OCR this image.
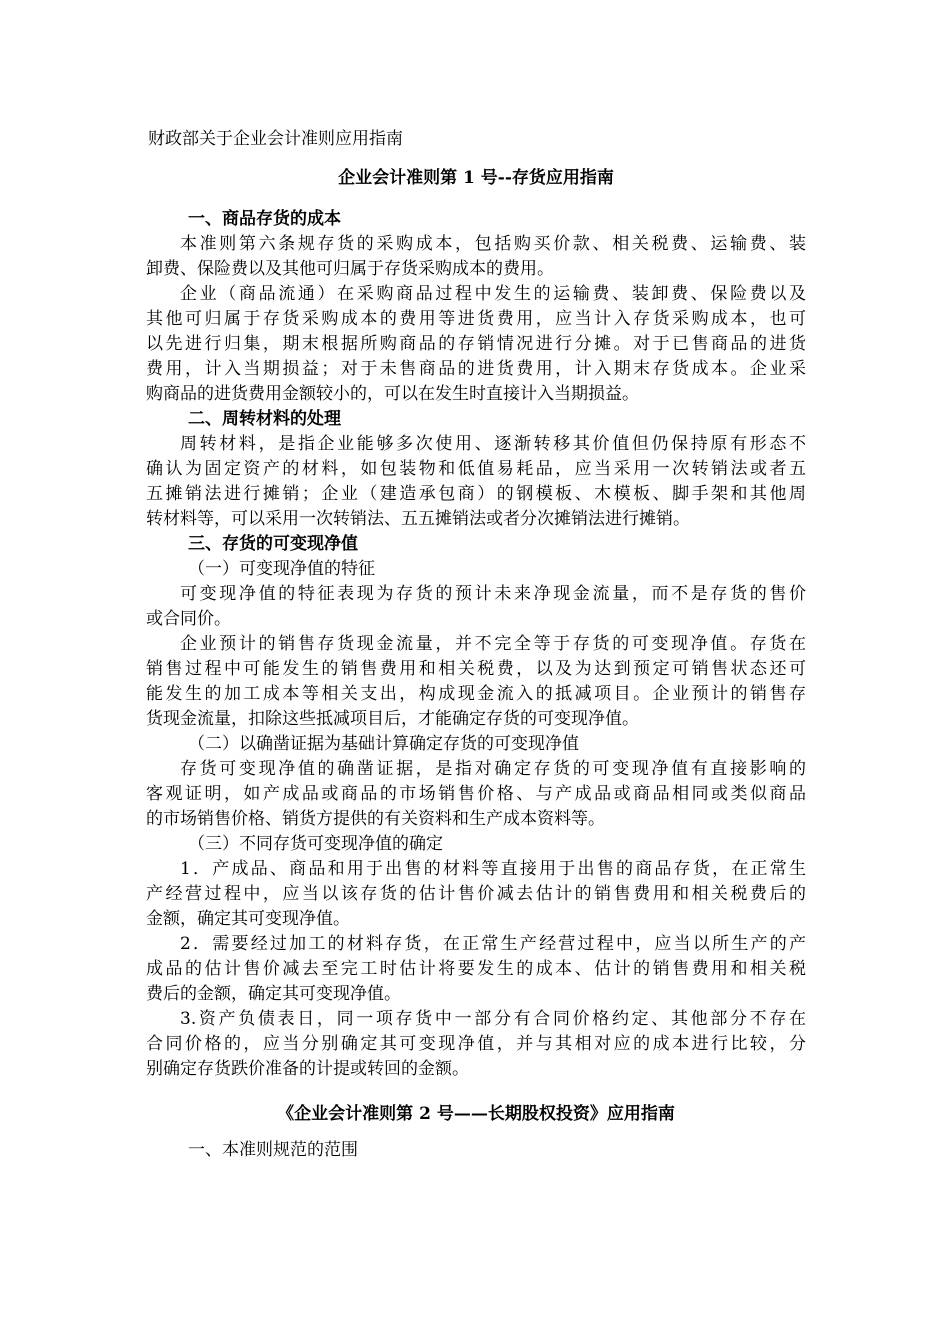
财政部关于企业会计准则应用指南
企业会计准则第 1 号--存货应用指南
一、商品存货的成本
本准则第六条规存货的采购成本，包括购买价款、相关税费、运输费、装
卸费、保险费以及其他可归属于存货采购成本的费用。
企业（商品流通）在采购商品过程中发生的运输费、装卸费、保险费以及
其他可归属于存货采购成本的费用等进货费用，应当计入存货采购成本，也可
以先进行归集，期末根据所购商品的存销情况进行分摊。对于已售商品的进货
费用，计入当期损益；对于未售商品的进货费用，计入期末存货成本。企业采
购商品的进货费用金额较小的，可以在发生时直接计入当期损益。
二、周转材料的处理
周转材料，是指企业能够多次使用、逐渐转移其价值但仍保持原有形态不
确认为固定资产的材料，如包装物和低值易耗品，应当采用一次转销法或者五
五摊销法进行摊销；企业（建造承包商）的钢模板、木模板、脚手架和其他周
转材料等，可以采用一次转销法、五五摊销法或者分次摊销法进行摊销。
三、存货的可变现净值
（一）可变现净值的特征
可变现净值的特征表现为存货的预计未来净现金流量，而不是存货的售价
或合同价。
企业预计的销售存货现金流量，并不完全等于存货的可变现净值。存货在
销售过程中可能发生的销售费用和相关税费，以及为达到预定可销售状态还可
能发生的加工成本等相关支出，构成现金流入的抵减项目。企业预计的销售存
货现金流量，扣除这些抵减项目后，才能确定存货的可变现净值。
（二）以确凿证据为基础计算确定存货的可变现净值
存货可变现净值的确凿证据，是指对确定存货的可变现净值有直接影响的
客观证明，如产成品或商品的市场销售价格、与产成品或商品相同或类似商品
的市场销售价格、销货方提供的有关资料和生产成本资料等。
（三）不同存货可变现净值的确定
1．产成品、商品和用于出售的材料等直接用于出售的商品存货，在正常生
产经营过程中，应当以该存货的估计售价减去估计的销售费用和相关税费后的
金额，确定其可变现净值。
2．需要经过加工的材料存货，在正常生产经营过程中，应当以所生产的产
成品的估计售价减去至完工时估计将要发生的成本、估计的销售费用和相关税
费后的金额，确定其可变现净值。
3.资产负债表日，同一项存货中一部分有合同价格约定、其他部分不存在
合同价格的，应当分别确定其可变现净值，并与其相对应的成本进行比较，分
别确定存货跌价准备的计提或转回的金额。
《企业会计准则第 2 号——长期股权投资》应用指南
一、本准则规范的范围
